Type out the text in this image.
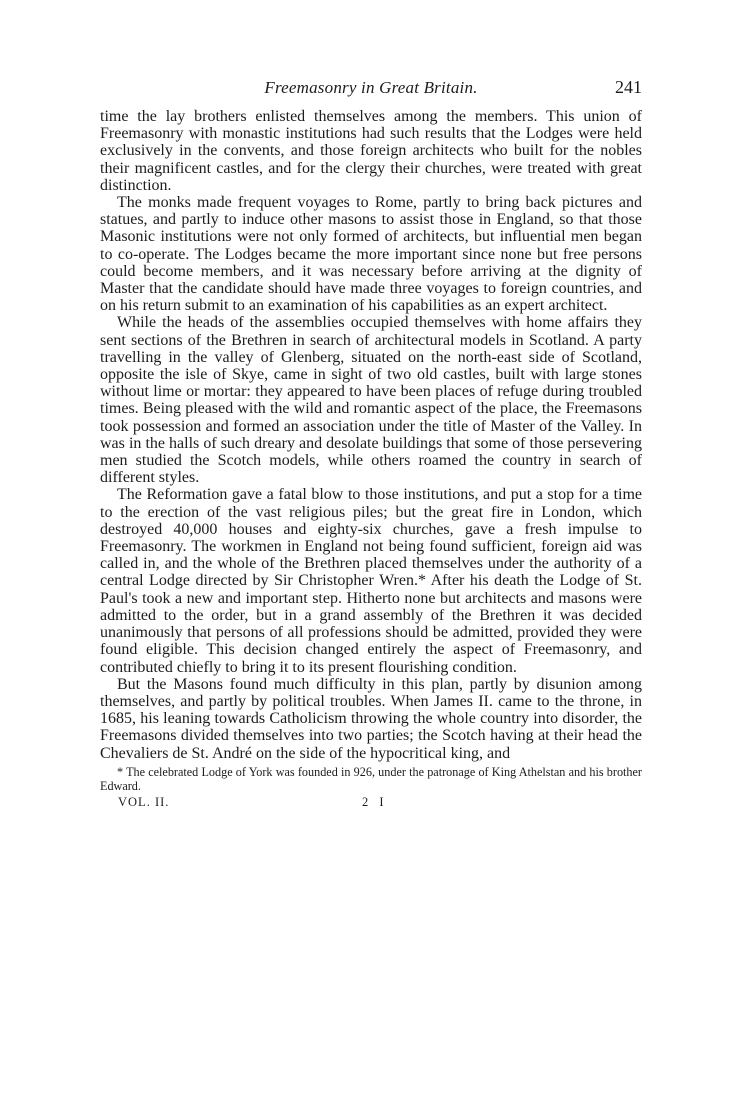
Freemasonry in Great Britain.	241

time the lay brothers enlisted themselves among the members. This union of Freemasonry with monastic institutions had such results that the Lodges were held exclusively in the convents, and those foreign architects who built for the nobles their magnificent castles, and for the clergy their churches, were treated with great distinction.

The monks made frequent voyages to Rome, partly to bring back pictures and statues, and partly to induce other masons to assist those in England, so that those Masonic institutions were not only formed of architects, but influential men began to co-operate. The Lodges became the more important since none but free persons could become members, and it was necessary before arriving at the dignity of Master that the candidate should have made three voyages to foreign countries, and on his return submit to an examination of his capabilities as an expert architect.

While the heads of the assemblies occupied themselves with home affairs they sent sections of the Brethren in search of architectural models in Scotland. A party travelling in the valley of Glenberg, situated on the north-east side of Scotland, opposite the isle of Skye, came in sight of two old castles, built with large stones without lime or mortar: they appeared to have been places of refuge during troubled times. Being pleased with the wild and romantic aspect of the place, the Freemasons took possession and formed an association under the title of Master of the Valley. In was in the halls of such dreary and desolate buildings that some of those persevering men studied the Scotch models, while others roamed the country in search of different styles.

The Reformation gave a fatal blow to those institutions, and put a stop for a time to the erection of the vast religious piles; but the great fire in London, which destroyed 40,000 houses and eighty-six churches, gave a fresh impulse to Freemasonry. The workmen in England not being found sufficient, foreign aid was called in, and the whole of the Brethren placed themselves under the authority of a central Lodge directed by Sir Christopher Wren.* After his death the Lodge of St. Paul's took a new and important step. Hitherto none but architects and masons were admitted to the order, but in a grand assembly of the Brethren it was decided unanimously that persons of all professions should be admitted, provided they were found eligible. This decision changed entirely the aspect of Freemasonry, and contributed chiefly to bring it to its present flourishing condition.

But the Masons found much difficulty in this plan, partly by disunion among themselves, and partly by political troubles. When James II. came to the throne, in 1685, his leaning towards Catholicism throwing the whole country into disorder, the Freemasons divided themselves into two parties; the Scotch having at their head the Chevaliers de St. André on the side of the hypocritical king, and

* The celebrated Lodge of York was founded in 926, under the patronage of King Athelstan and his brother Edward.
VOL. II.	2 I
